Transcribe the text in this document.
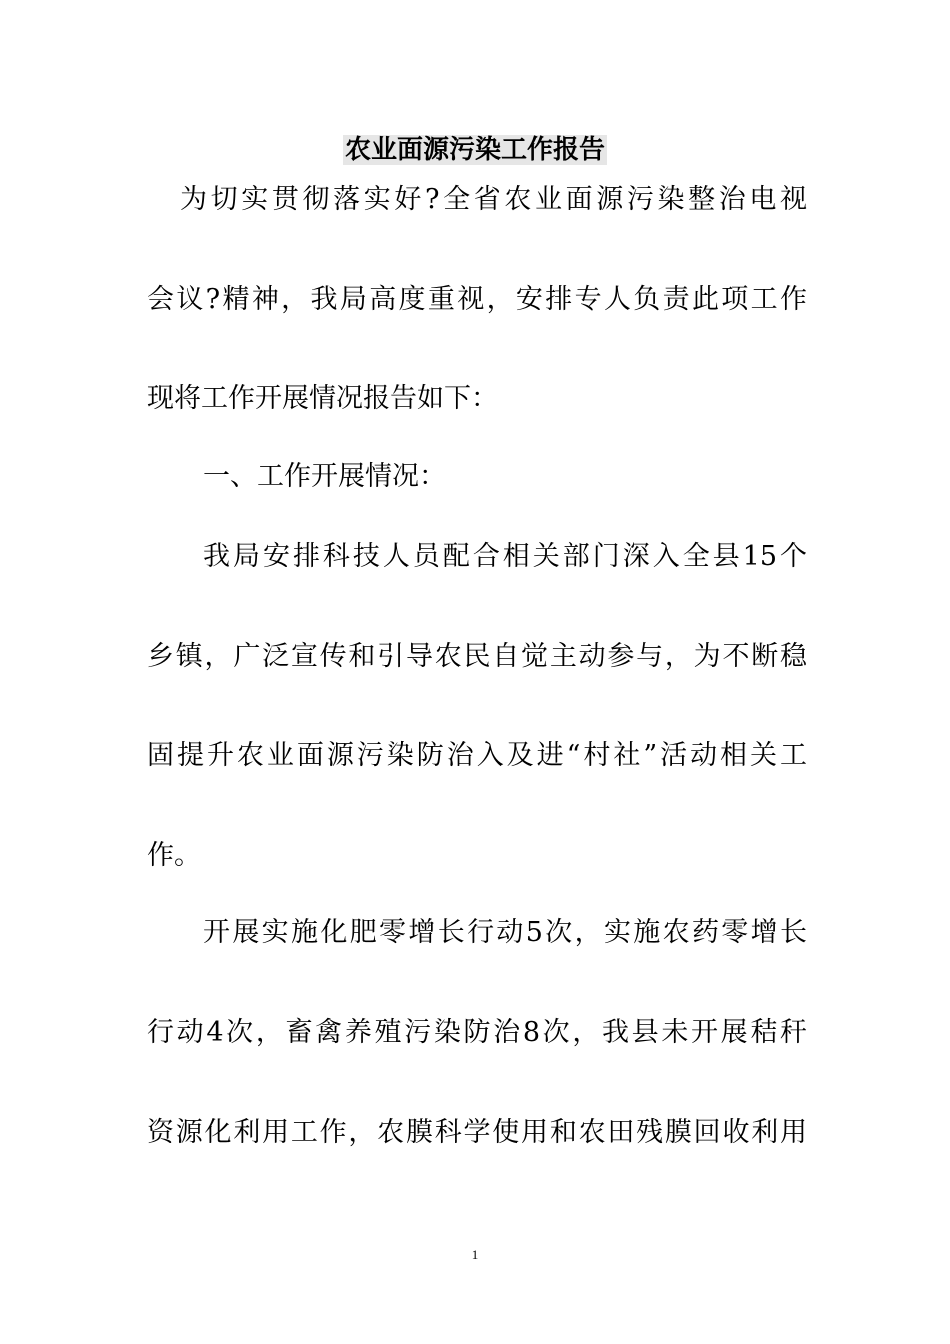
农业面源污染工作报告
为切实贯彻落实好?全省农业面源污染整治电视
会议?精神，我局高度重视，安排专人负责此项工作
现将工作开展情况报告如下：
一、工作开展情况：
我局安排科技人员配合相关部门深入全县15个
乡镇，广泛宣传和引导农民自觉主动参与，为不断稳
固提升农业面源污染防治入及进“村社”活动相关工
作。
开展实施化肥零增长行动5次，实施农药零增长
行动4次，畜禽养殖污染防治8次，我县未开展秸秆
资源化利用工作，农膜科学使用和农田残膜回收利用
1
